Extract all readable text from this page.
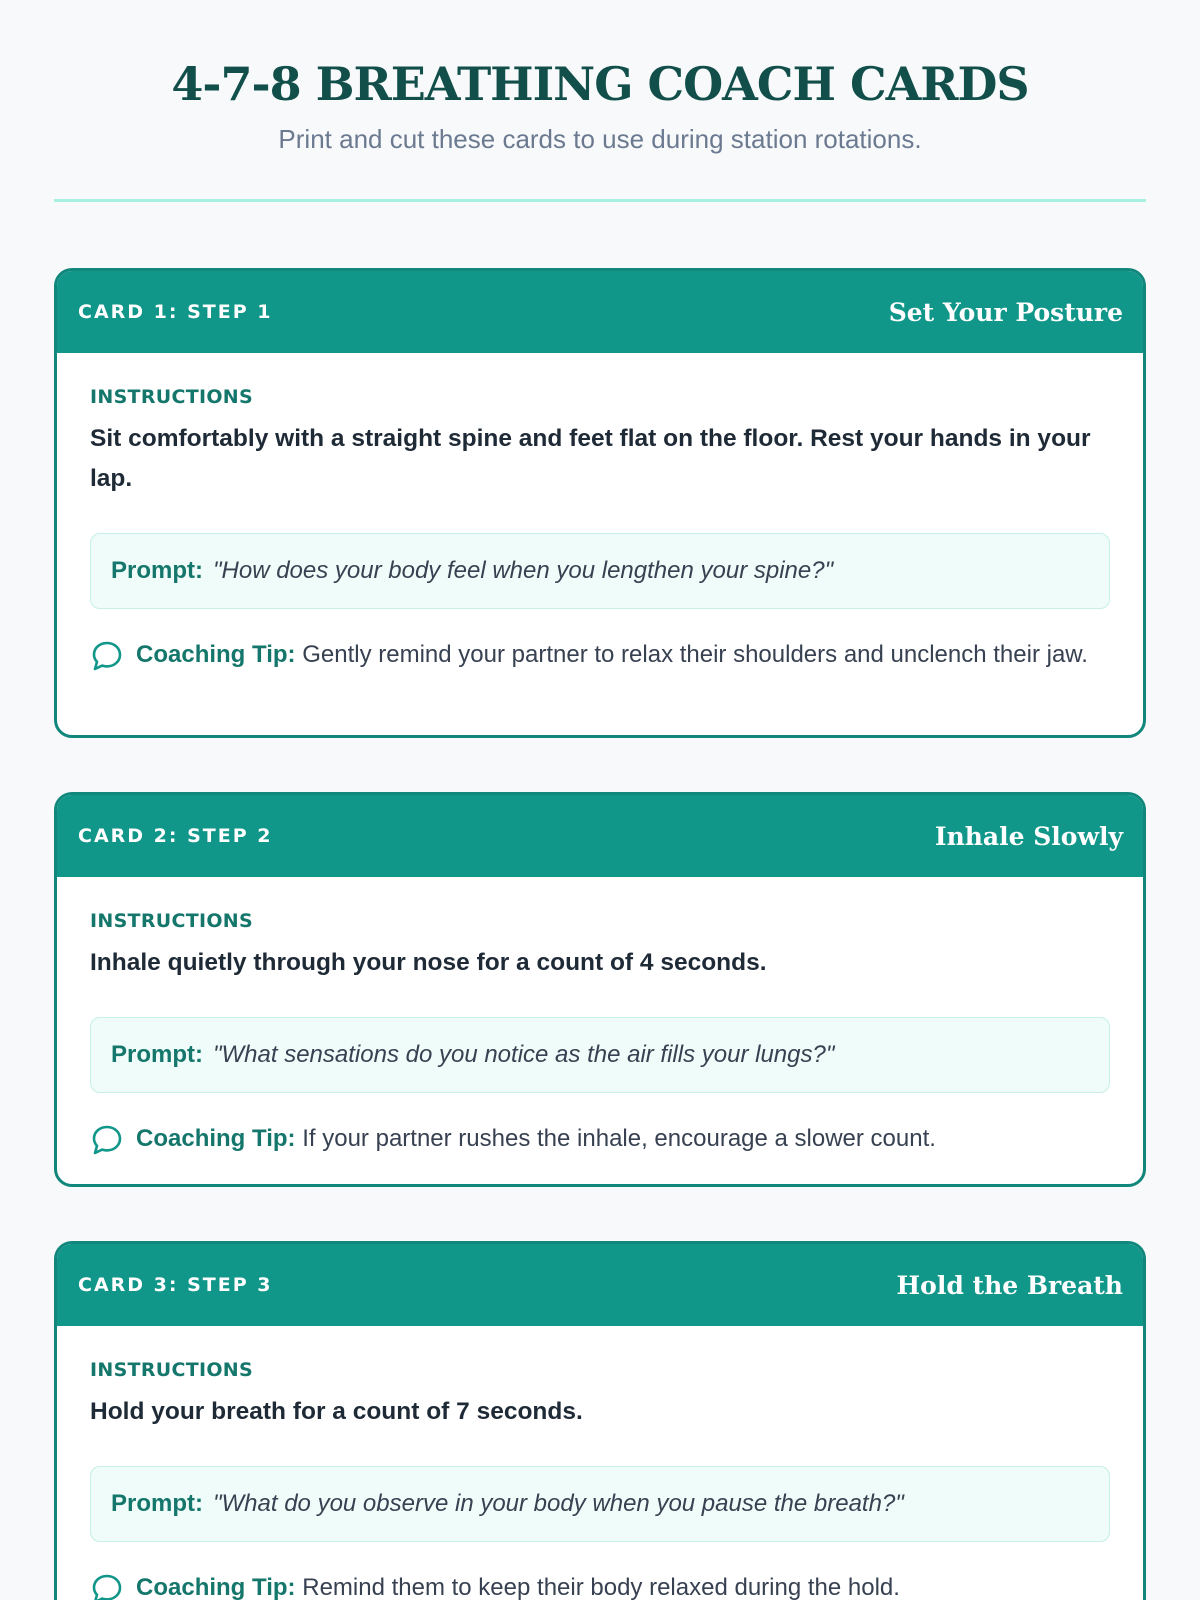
4-7-8 BREATHING COACH CARDS

Print and cut these cards to use during station rotations.

CARD 1: STEP 1	Set Your Posture
INSTRUCTIONS
Sit comfortably with a straight spine and feet flat on the floor. Rest your hands in your lap.
Prompt: "How does your body feel when you lengthen your spine?"
Coaching Tip: Gently remind your partner to relax their shoulders and unclench their jaw.
CARD 2: STEP 2	Inhale Slowly
INSTRUCTIONS
Inhale quietly through your nose for a count of 4 seconds.
Prompt: "What sensations do you notice as the air fills your lungs?"
Coaching Tip: If your partner rushes the inhale, encourage a slower count.
CARD 3: STEP 3	Hold the Breath
INSTRUCTIONS
Hold your breath for a count of 7 seconds.
Prompt: "What do you observe in your body when you pause the breath?"
Coaching Tip: Remind them to keep their body relaxed during the hold.
